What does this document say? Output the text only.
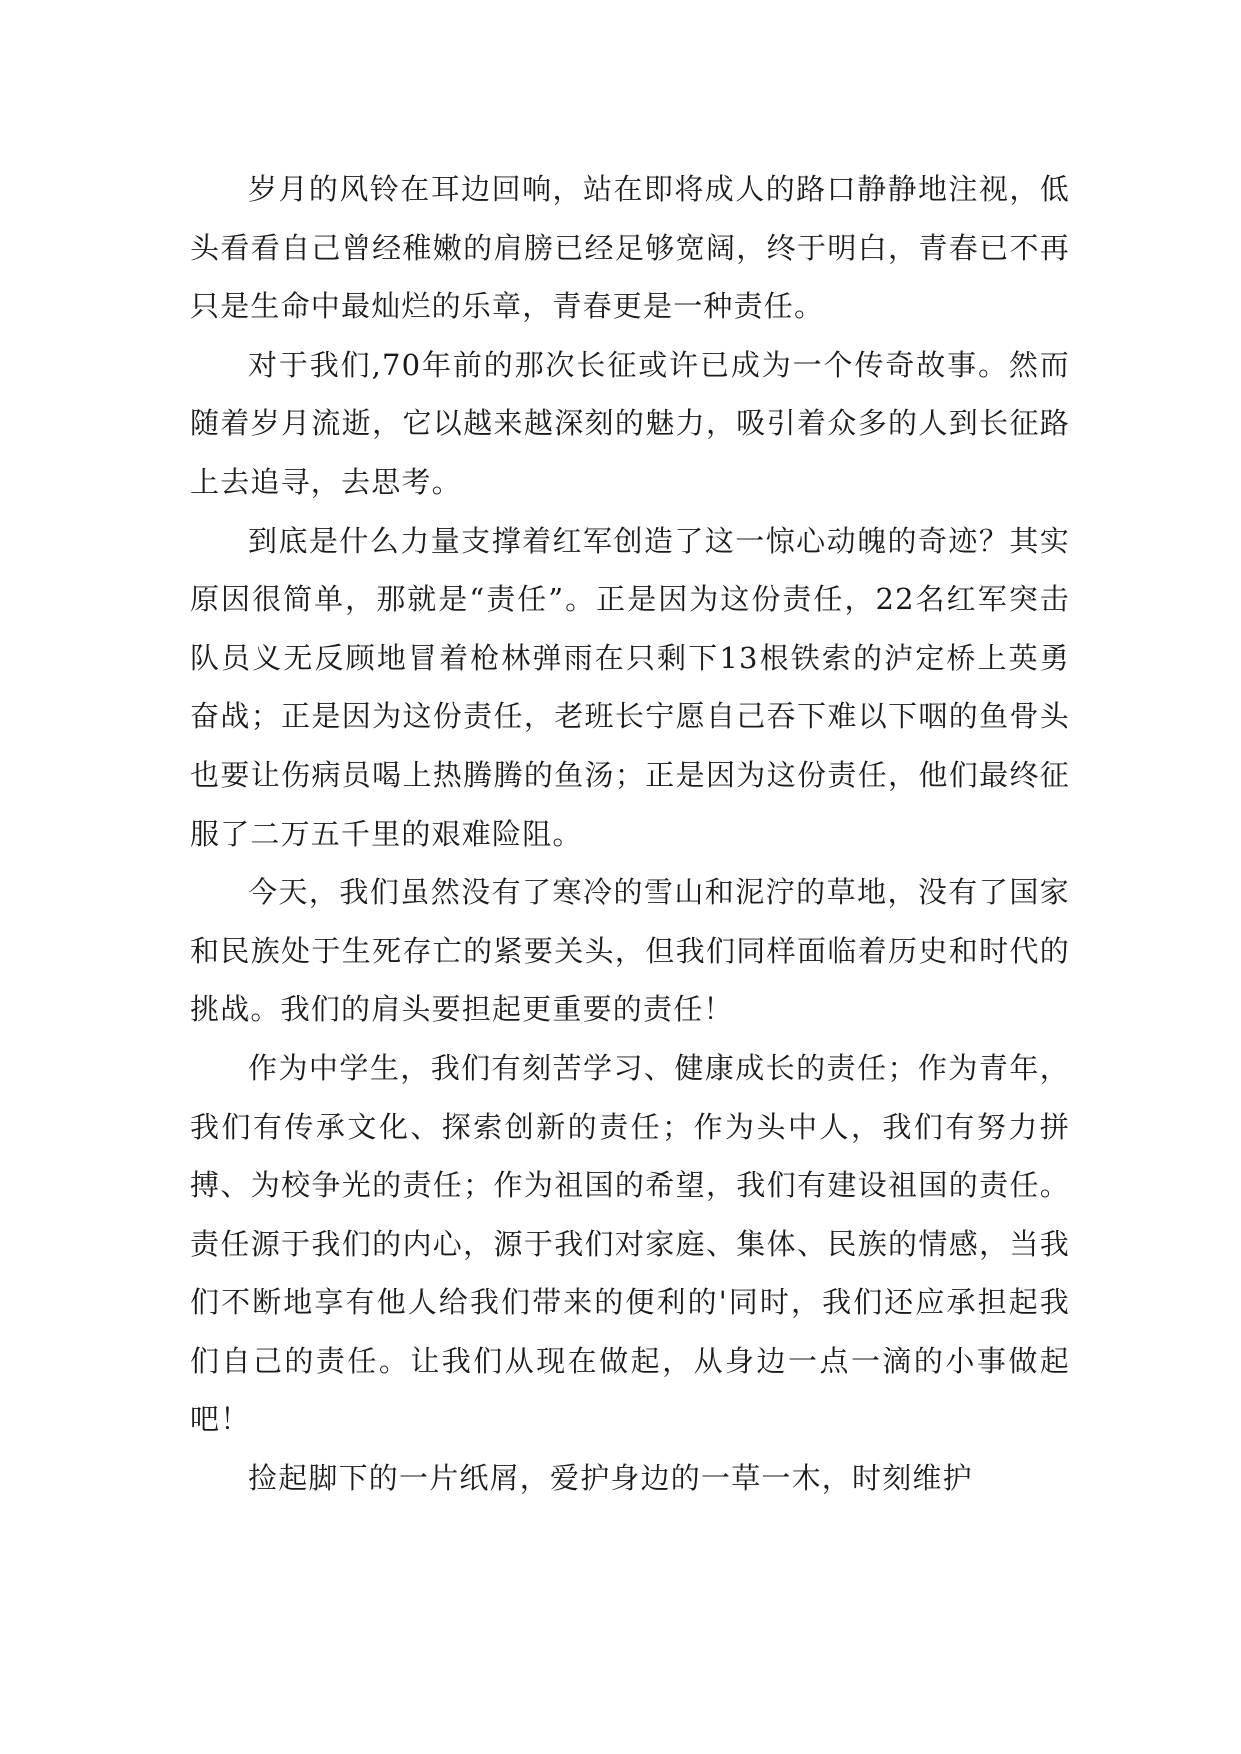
岁月的风铃在耳边回响，站在即将成人的路口静静地注视，低头看看自己曾经稚嫩的肩膀已经足够宽阔，终于明白，青春已不再只是生命中最灿烂的乐章，青春更是一种责任。

对于我们,70年前的那次长征或许已成为一个传奇故事。然而随着岁月流逝，它以越来越深刻的魅力，吸引着众多的人到长征路上去追寻，去思考。

到底是什么力量支撑着红军创造了这一惊心动魄的奇迹？其实原因很简单，那就是“责任”。正是因为这份责任，22名红军突击队员义无反顾地冒着枪林弹雨在只剩下13根铁索的泸定桥上英勇奋战；正是因为这份责任，老班长宁愿自己吞下难以下咽的鱼骨头也要让伤病员喝上热腾腾的鱼汤；正是因为这份责任，他们最终征服了二万五千里的艰难险阻。

今天，我们虽然没有了寒冷的雪山和泥泞的草地，没有了国家和民族处于生死存亡的紧要关头，但我们同样面临着历史和时代的挑战。我们的肩头要担起更重要的责任！

作为中学生，我们有刻苦学习、健康成长的责任；作为青年，我们有传承文化、探索创新的责任；作为头中人，我们有努力拼搏、为校争光的责任；作为祖国的希望，我们有建设祖国的责任。责任源于我们的内心，源于我们对家庭、集体、民族的情感，当我们不断地享有他人给我们带来的便利的'同时，我们还应承担起我们自己的责任。让我们从现在做起，从身边一点一滴的小事做起吧！

捡起脚下的一片纸屑，爱护身边的一草一木，时刻维护
